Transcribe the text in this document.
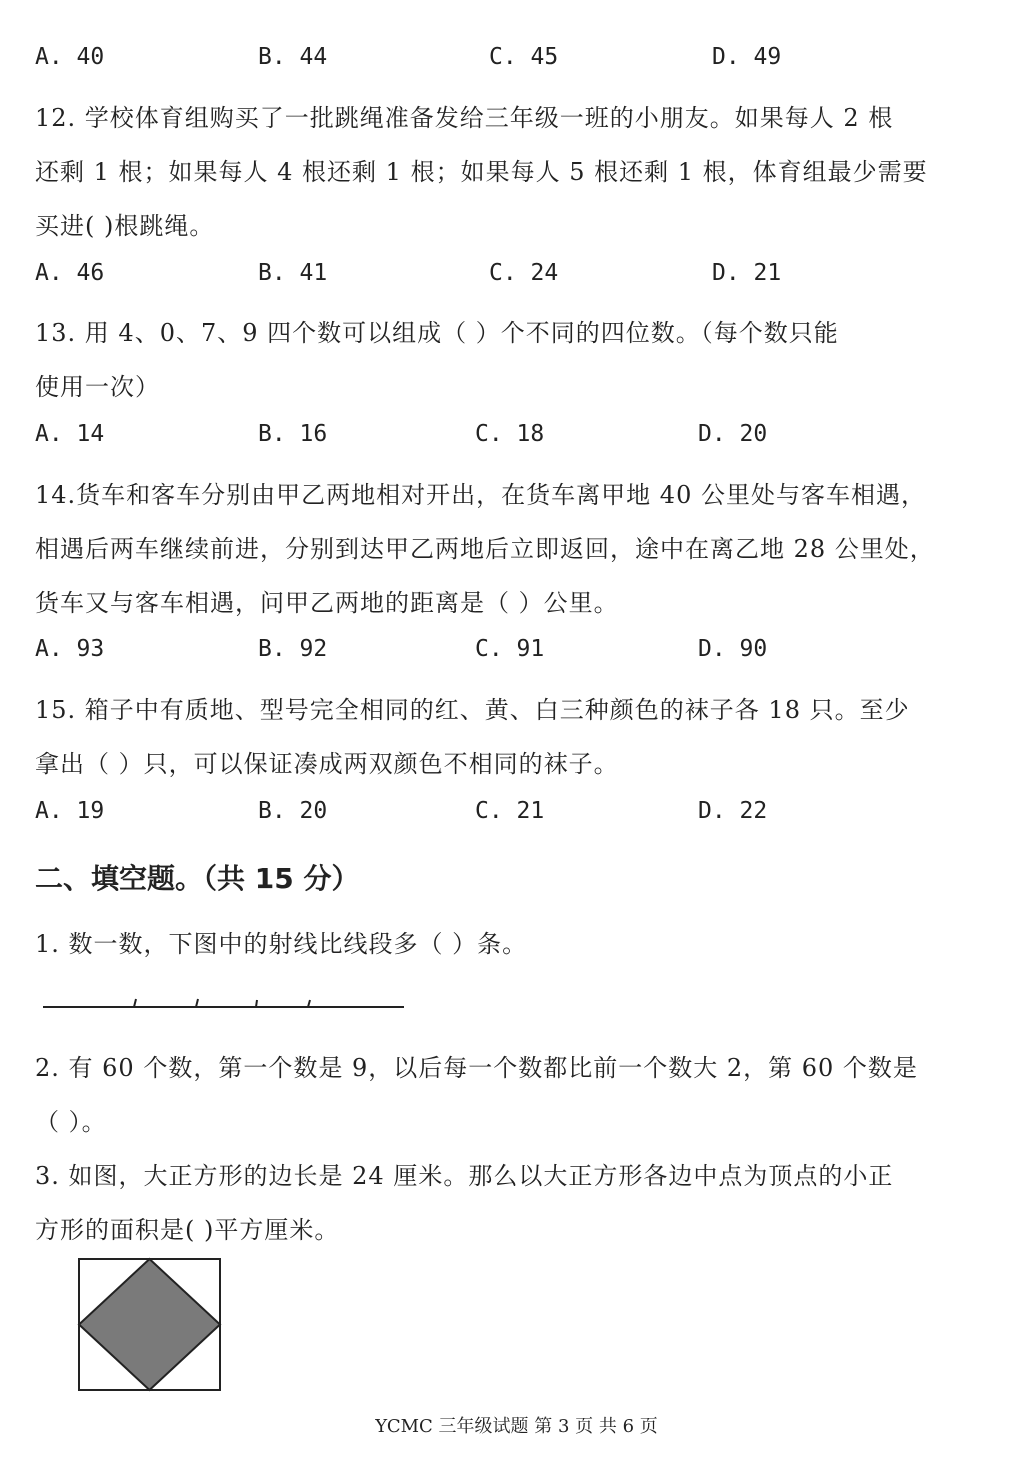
A. 40	B. 44	C. 45	D. 49
12. 学校体育组购买了一批跳绳准备发给三年级一班的小朋友。如果每人 2 根
还剩 1 根；如果每人 4 根还剩 1 根；如果每人 5 根还剩 1 根，体育组最少需要
买进( )根跳绳。
A. 46	B. 41	C. 24	D. 21
13. 用 4、0、7、9 四个数可以组成（ ）个不同的四位数。（每个数只能
使用一次）
A. 14	B. 16	C. 18	D. 20
14.货车和客车分别由甲乙两地相对开出，在货车离甲地 40 公里处与客车相遇，
相遇后两车继续前进，分别到达甲乙两地后立即返回，途中在离乙地 28 公里处，
货车又与客车相遇，问甲乙两地的距离是（ ）公里。
A. 93	B. 92	C. 91	D. 90
15. 箱子中有质地、型号完全相同的红、黄、白三种颜色的袜子各 18 只。至少
拿出（ ）只，可以保证凑成两双颜色不相同的袜子。
A. 19	B. 20	C. 21	D. 22
二、填空题。（共 15 分）
1. 数一数，下图中的射线比线段多（ ）条。
2. 有 60 个数，第一个数是 9，以后每一个数都比前一个数大 2，第 60 个数是
（ ）。
3. 如图，大正方形的边长是 24 厘米。那么以大正方形各边中点为顶点的小正
方形的面积是( )平方厘米。
YCMC 三年级试题 第 3 页 共 6 页
